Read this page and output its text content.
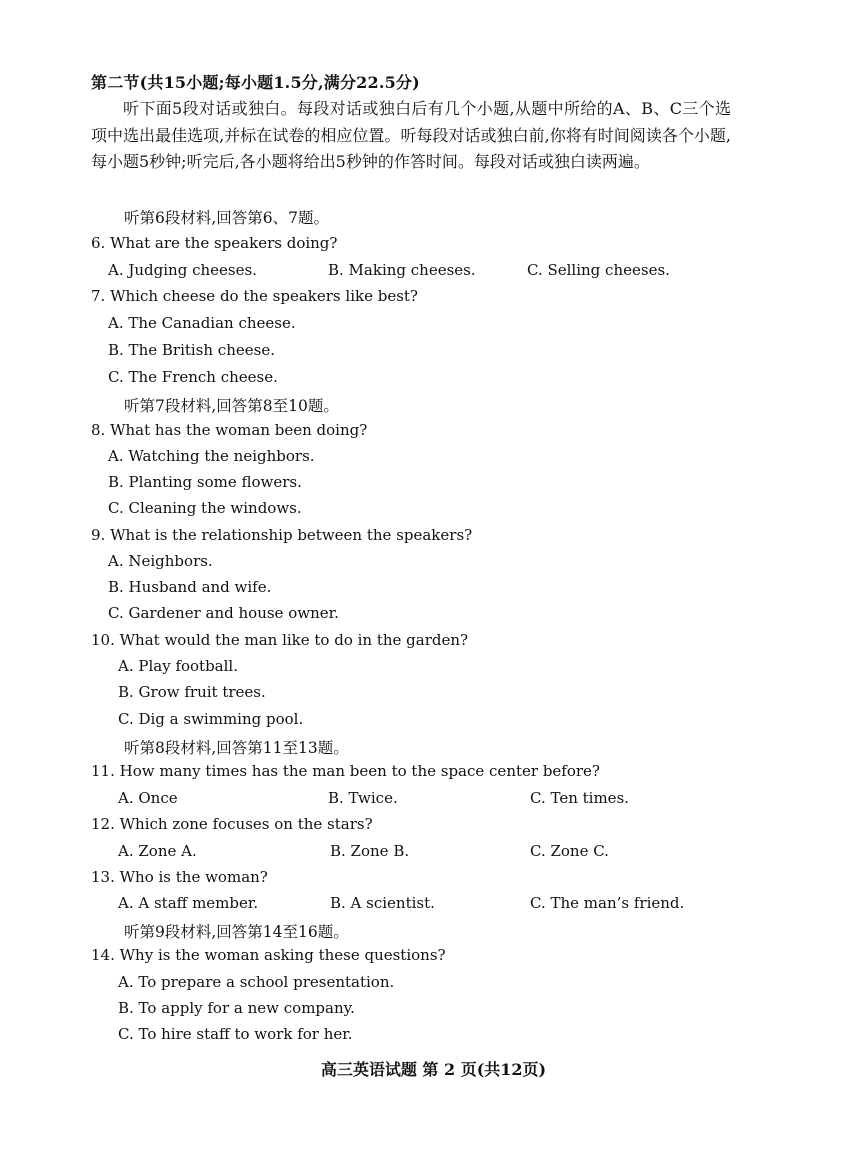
第二节(共15小题;每小题1.5分,满分22.5分)

听下面5段对话或独白。每段对话或独白后有几个小题,从题中所给的A、B、C三个选项中选出最佳选项,并标在试卷的相应位置。听每段对话或独白前,你将有时间阅读各个小题,每小题5秒钟;听完后,各小题将给出5秒钟的作答时间。每段对话或独白读两遍。

听第6段材料,回答第6、7题。
6. What are the speakers doing?
A. Judging cheeses.	B. Making cheeses.	C. Selling cheeses.
7. Which cheese do the speakers like best?
A. The Canadian cheese.
B. The British cheese.
C. The French cheese.
听第7段材料,回答第8至10题。
8. What has the woman been doing?
A. Watching the neighbors.
B. Planting some flowers.
C. Cleaning the windows.
9. What is the relationship between the speakers?
A. Neighbors.
B. Husband and wife.
C. Gardener and house owner.
10. What would the man like to do in the garden?
A. Play football.
B. Grow fruit trees.
C. Dig a swimming pool.
听第8段材料,回答第11至13题。
11. How many times has the man been to the space center before?
A. Once	B. Twice.	C. Ten times.
12. Which zone focuses on the stars?
A. Zone A.	B. Zone B.	C. Zone C.
13. Who is the woman?
A. A staff member.	B. A scientist.	C. The man’s friend.
听第9段材料,回答第14至16题。
14. Why is the woman asking these questions?
A. To prepare a school presentation.
B. To apply for a new company.
C. To hire staff to work for her.
高三英语试题 第 2 页(共12页)
